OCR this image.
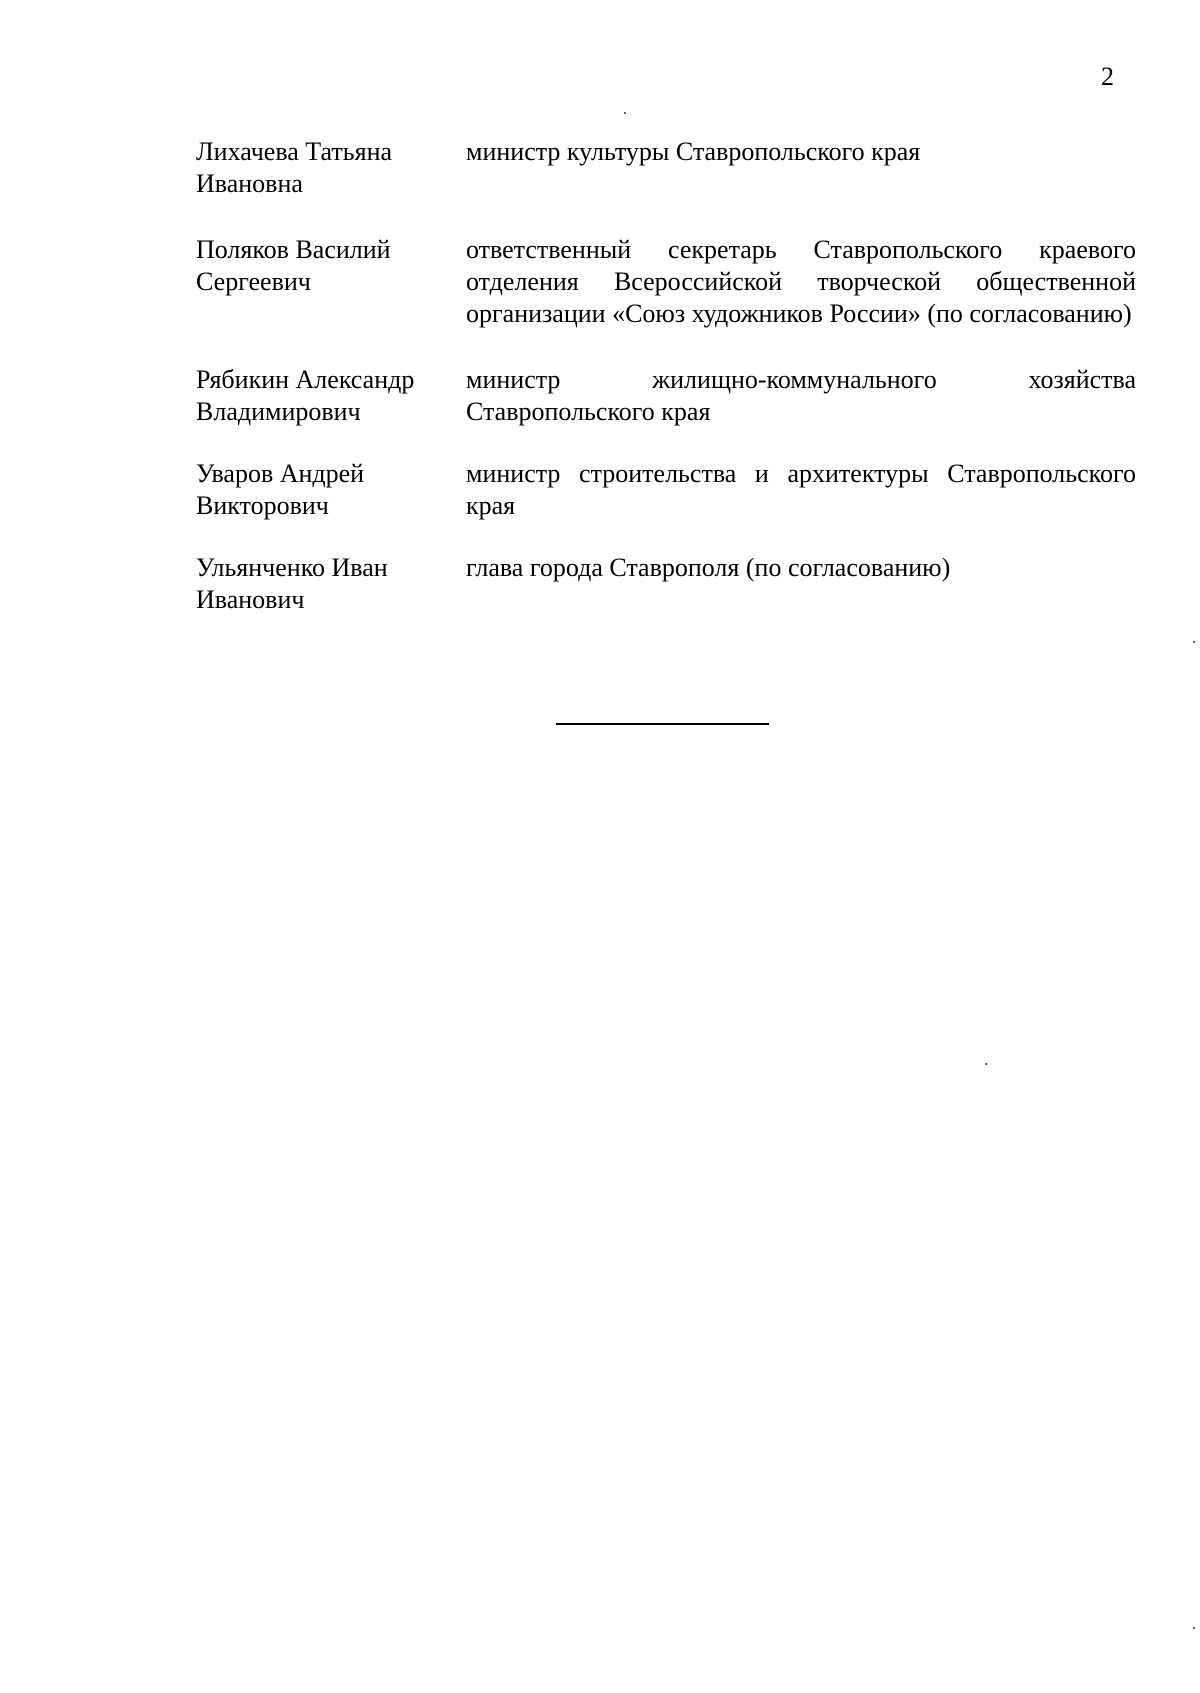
2
Лихачева Татьяна
Ивановна
министр культуры Ставропольского края
Поляков Василий
Сергеевич
ответственный секретарь Ставропольского краевого отделения Всероссийской творческой общественной организации «Союз художников России» (по согласованию)
Рябикин Александр
Владимирович
министр жилищно-коммунального хозяйства Ставропольского края
Уваров Андрей
Викторович
министр строительства и архитектуры Ставропольского края
Ульянченко Иван
Иванович
глава города Ставрополя (по согласованию)
